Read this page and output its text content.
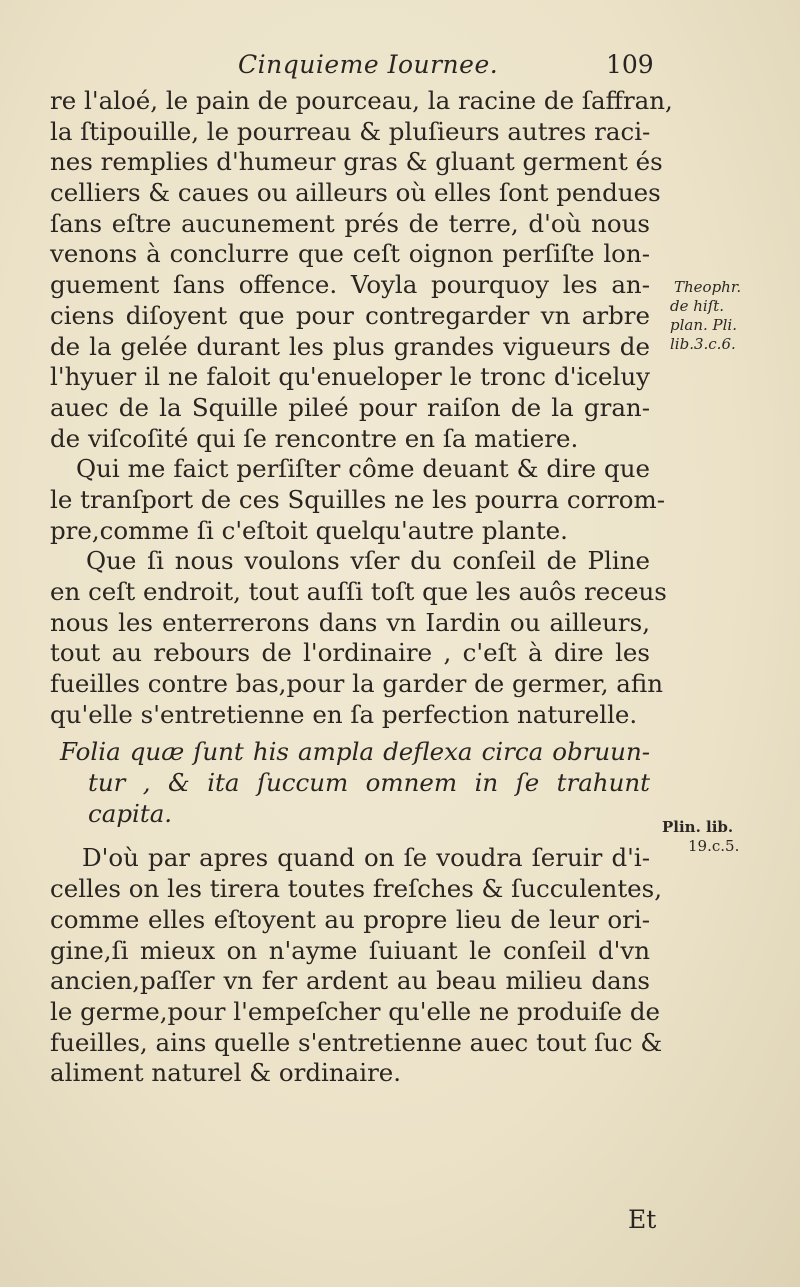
Cinquieme Iournee.	109
re l'aloé, le pain de pourceau, la racine de ſaffran,
la ſtipouille, le pourreau & pluſieurs autres raci-
nes remplies d'humeur gras & gluant germent és
celliers & caues ou ailleurs où elles ſont pendues
ſans eſtre aucunement prés de terre, d'où nous
venons à conclurre que ceſt oignon perſiſte lon-
guement ſans offence. Voyla pourquoy les an-
ciens diſoyent que pour contregarder vn arbre
de la gelée durant les plus grandes vigueurs de
l'hyuer il ne faloit qu'enueloper le tronc d'iceluy
auec de la Squille pileé pour raiſon de la gran-
de viſcoſité qui ſe rencontre en ſa matiere.
Qui me faict perſiſter côme deuant & dire que
le tranſport de ces Squilles ne les pourra corrom-
pre,comme ſi c'eſtoit quelqu'autre plante.
Que ſi nous voulons vſer du conſeil de Pline
en ceſt endroit, tout auſſi toſt que les auôs receus
nous les enterrerons dans vn Iardin ou ailleurs,
tout au rebours de l'ordinaire , c'eſt à dire les
fueilles contre bas,pour la garder de germer, afin
qu'elle s'entretienne en ſa perfection naturelle.
Folia quæ ſunt his ampla deflexa circa obruun-
tur , & ita ſuccum omnem in ſe trahunt
capita.
D'où par apres quand on ſe voudra ſeruir d'i-
celles on les tirera toutes freſches & ſucculentes,
comme elles eſtoyent au propre lieu de leur ori-
gine,ſi mieux on n'ayme ſuiuant le conſeil d'vn
ancien,paſſer vn fer ardent au beau milieu dans
le germe,pour l'empeſcher qu'elle ne produiſe de
fueilles, ains quelle s'entretienne auec tout ſuc &
aliment naturel & ordinaire.
Theophr.
de hiſt.
plan. Pli.
lib.3.c.6.
Plin. lib.
19.c.5.
Et
